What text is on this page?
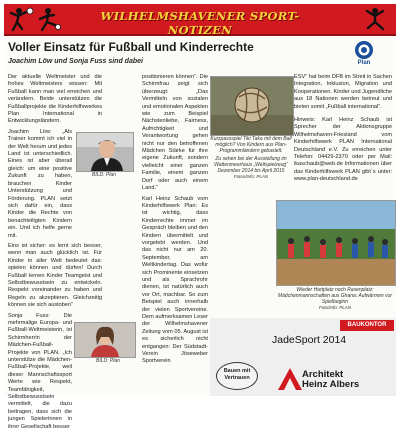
WILHELMSHAVENER SPORT-NOTIZEN
Voller Einsatz für Fußball und Kinderrechte
Joachim Löw und Sonja Fuss sind dabei	Plan

Der aktuelle Weltmeister und die frohes Weltmeisters wissen: Mit Fußball kann man viel erreichen und verändern. Beide unterstützen die Fußballprojekte die Kinderhilfswerkes Plan International in Entwicklungsländern.

Joachim Löw: „Als Trainer kommt ich viel in der Welt herum und jedes Land ist unterschiedlich. Eines ist aber überall gleich: um eine positive Zukunft zu haben, brauchen Kinder Unterstützung und Förderung. PLAN setzt sich dafür ein, dass Kinder die Rechte von benachteiligten Kindern ein. Und ich helfe gerne mit.

Eins ist sicher: es lernt sich besser, wenn man auch glücklich ist. Für Kinder in aller Welt bedeutet das: spielen können und dürfen! Durch Fußball lernen Kinder Teamgeist und Selbstbewusstsein zu entwickeln. Respekt voreinander zu haben und Regeln zu akzeptieren. Gleichzeitig können sie sich austoben“

Sonja Fuss: Die mehrmalige Europa- und Fußball-Weltmeisterin, ist Schirmherrin der Mädchen-Fußball-Projekte von PLAN. „Ich unterstütze die Mädchen-Fußball-Projekte, weil dieser Mannschaftssport Werte wie Respekt, Teamfähigkeit, Selbstbewusstsein vermittelt, die dazu beitragen, dass sich die jungen Spielerinnen in ihrer Gesellschaft besser

BILD: Plan
BILD: Plan

positionieren können“. Die Schirmfrau zeigt sich überzeugt: „Das Vermitteln von sozialen und emotionalen Aspekten wie zum Beispiel Nächstenliebe, Fairness, Aufrichtigkeit und Verantwortung gehen nicht nur den betroffenen Mädchen Stärke für ihre eigene Zukunft, sondern vielleicht einer ganzen Familie, einem ganzen Dorf oder auch einem Land.“

Karl Heinz Schaub vom Kinderhilfswerk Plan: Es ist wichtig, dass Kinderrechte immer im Gespräch bleiben und den Kindern übermittelt und vorgelebt werden. Und das nicht nur am 20. September, am Weltkindertag. Das wofür sich Prominente einsetzen und als Sprachrohr dienen, ist natürlich auch vor Ort, machbar. So zum Beispiel auch innerhalb der vielen Sportvereine. Dem aufmerksamen Leser der Wilhelmshavener Zeitung vom 05. August ist es sicherlich nicht entgangen: Der Südstadt-Verein Jöseweber Sportverein

Kurzpassspiel Tiki Taka mit dem Ball möglich? Von Kindern aus Plan-Programmländern gebastelt.
Zu sehen bei der Ausstellung im Wattenmeerhaus „Weltspielzeug“ Dezember 2014 bis April 2015
Fotos/Info: PLAN

ESV“ hat beim DFB im Streit in Sachen Integration, Inklusion, Migration und Kooperationen. Kinder und Jugendliche aus 18 Nationen werden betreut und bieten somit „Fußball international“.

Hinweis: Karl Heinz Schaub ist Sprecher der Aktionsgruppe Wilhelmshaven-Friesland vom Kinderhilfswerk PLAN International Deutschland e.V. Zu erreichen unter Telefon: 04429-2370 oder per Mail: ikaschaub@web.de Informationen über das Kinderhilfswerk PLAN gibt´s unter: www.plan-deutschland.de

Wieder Hartplatz noch Rasenplatz: Mädchenmannschaften aus Ghana: Aufwärmen vor Spielbeginn
Foto/Info: PLAN
BAUKONTOR
Bauen mit
Vertrauen	Architekt
Heinz Albers
JadeSport 2014
